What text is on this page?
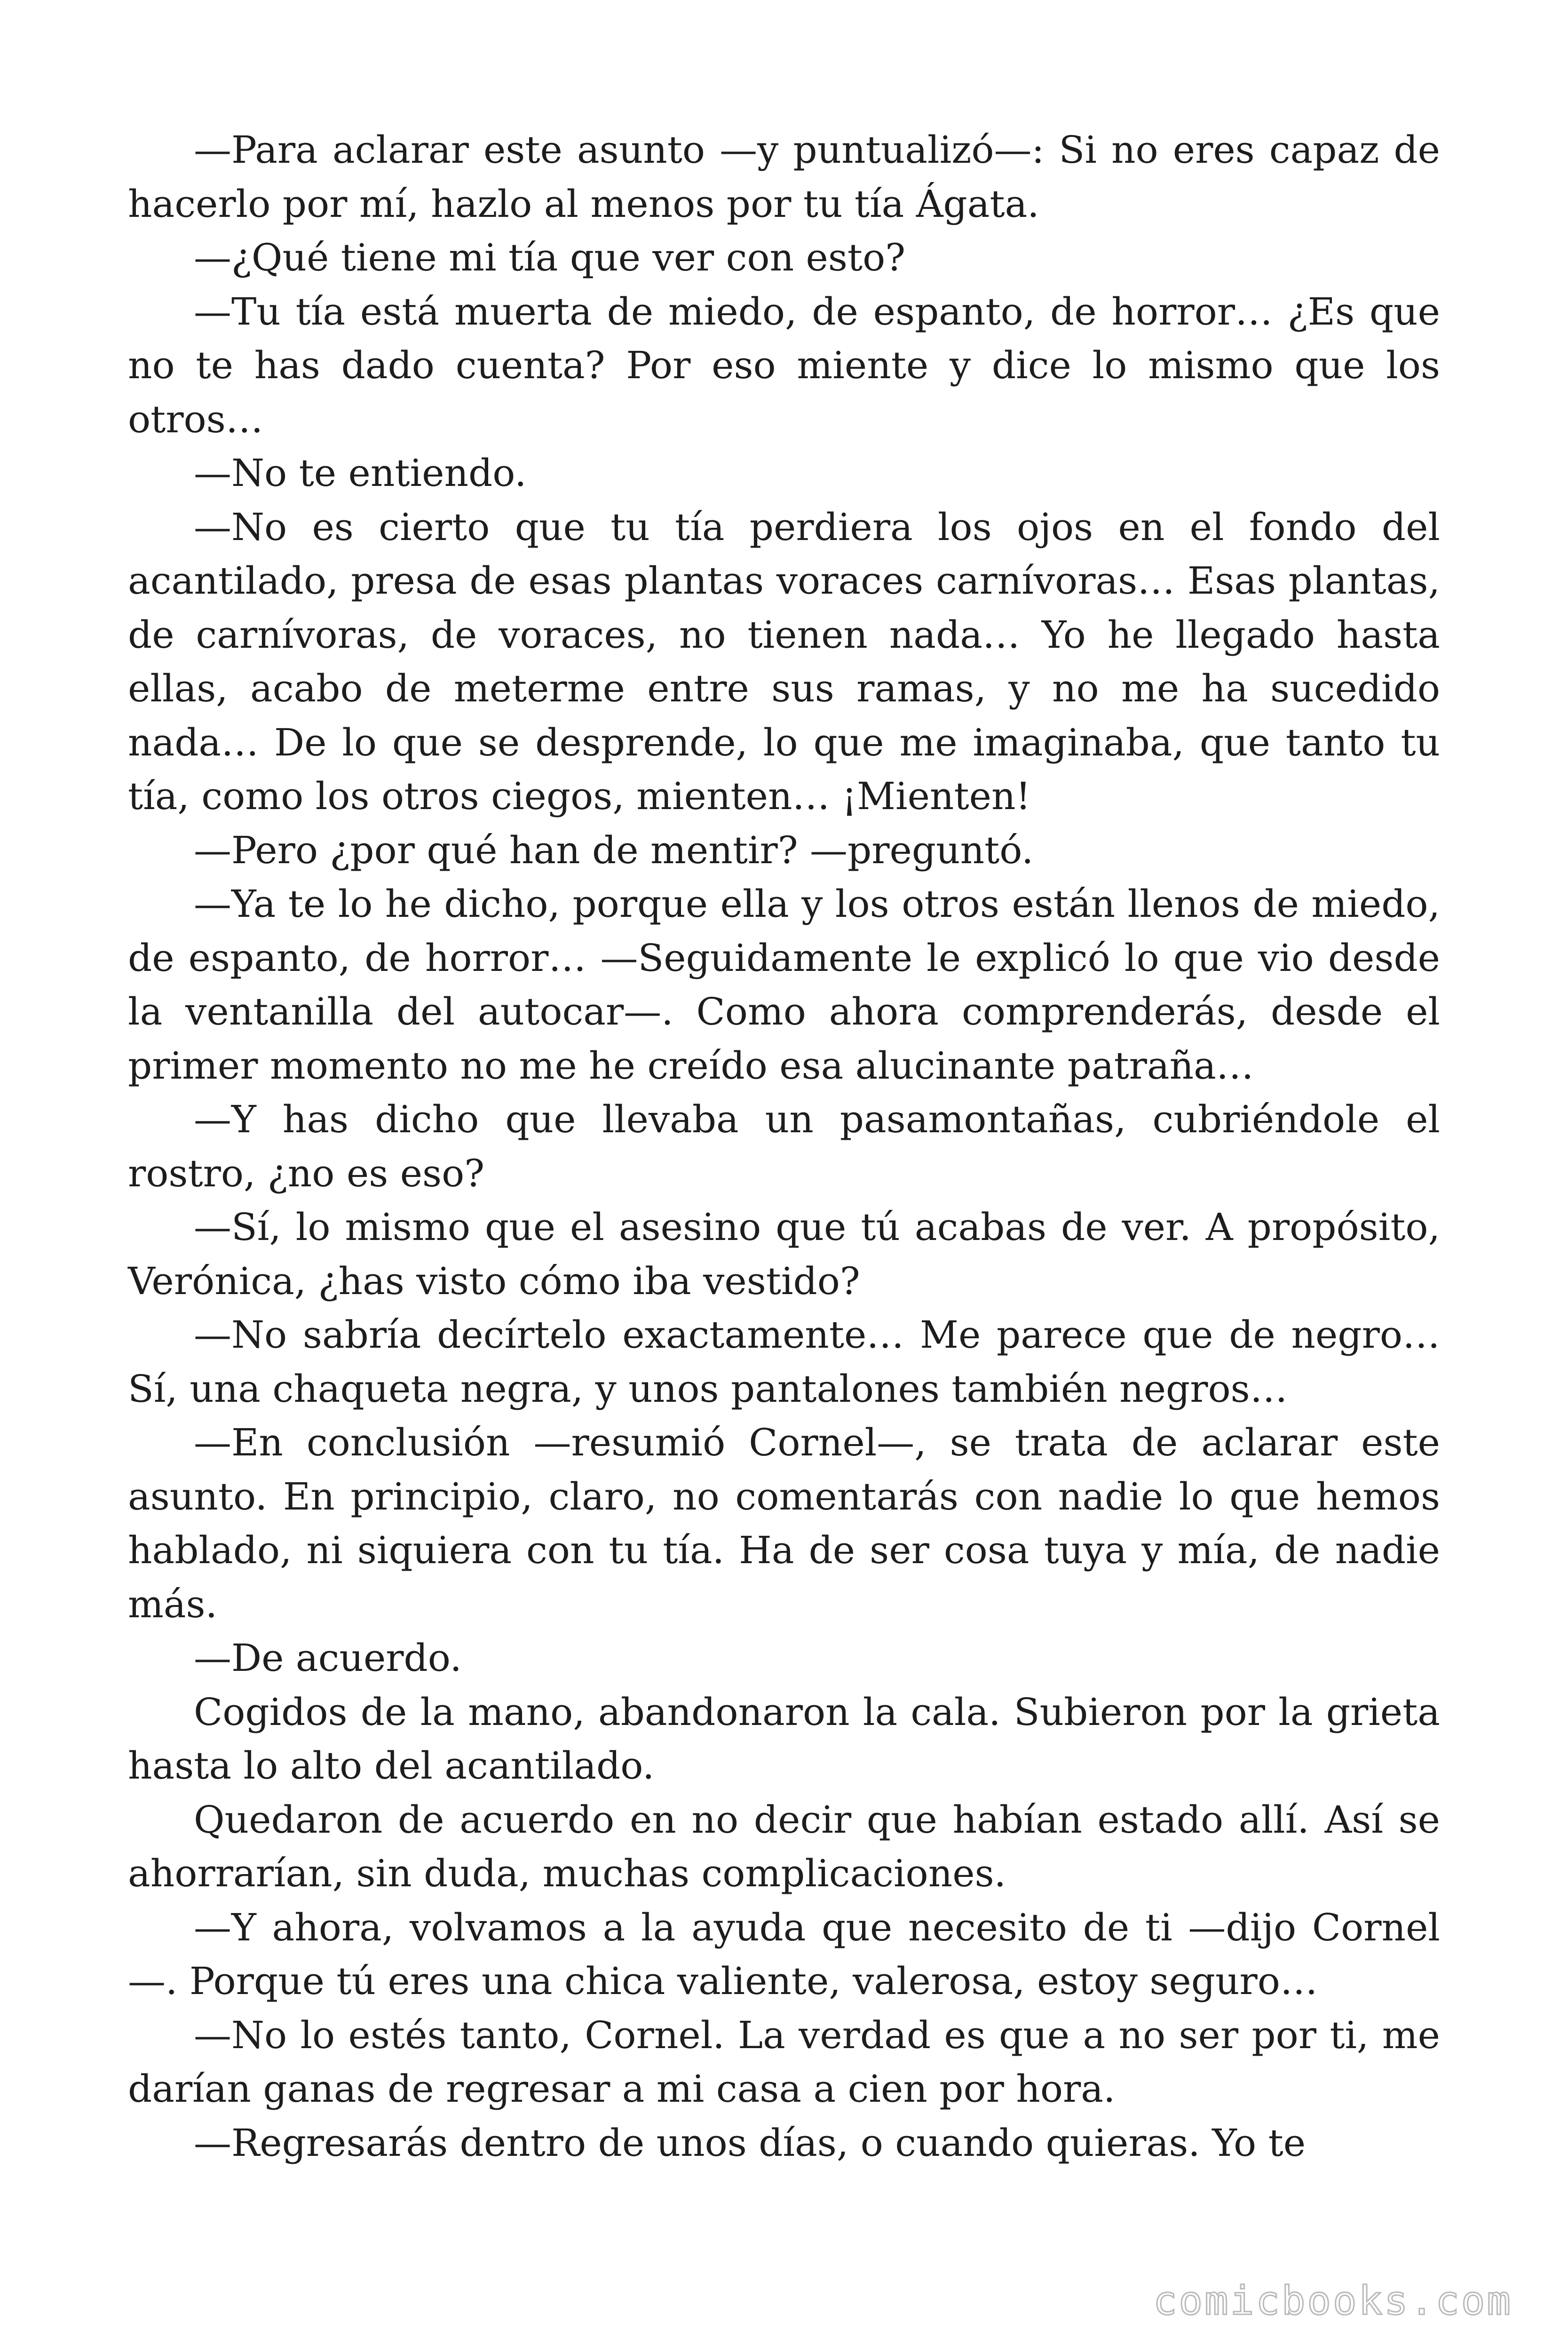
—Para aclarar este asunto —y puntualizó—: Si no eres capaz de hacerlo por mí, hazlo al menos por tu tía Ágata.

—¿Qué tiene mi tía que ver con esto?

—Tu tía está muerta de miedo, de espanto, de horror… ¿Es que no te has dado cuenta? Por eso miente y dice lo mismo que los otros…

—No te entiendo.

—No es cierto que tu tía perdiera los ojos en el fondo del acantilado, presa de esas plantas voraces carnívoras… Esas plantas, de carnívoras, de voraces, no tienen nada… Yo he llegado hasta ellas, acabo de meterme entre sus ramas, y no me ha sucedido nada… De lo que se desprende, lo que me imaginaba, que tanto tu tía, como los otros ciegos, mienten… ¡Mienten!

—Pero ¿por qué han de mentir? —preguntó.

—Ya te lo he dicho, porque ella y los otros están llenos de miedo, de espanto, de horror… —Seguidamente le explicó lo que vio desde la ventanilla del autocar—. Como ahora comprenderás, desde el primer momento no me he creído esa alucinante patraña…

—Y has dicho que llevaba un pasamontañas, cubriéndole el rostro, ¿no es eso?

—Sí, lo mismo que el asesino que tú acabas de ver. A propósito, Verónica, ¿has visto cómo iba vestido?

—No sabría decírtelo exactamente… Me parece que de negro… Sí, una chaqueta negra, y unos pantalones también negros…

—En conclusión —resumió Cornel—, se trata de aclarar este asunto. En principio, claro, no comentarás con nadie lo que hemos hablado, ni siquiera con tu tía. Ha de ser cosa tuya y mía, de nadie más.

—De acuerdo.

Cogidos de la mano, abandonaron la cala. Subieron por la grieta hasta lo alto del acantilado.

Quedaron de acuerdo en no decir que habían estado allí. Así se ahorrarían, sin duda, muchas complicaciones.

—Y ahora, volvamos a la ayuda que necesito de ti —dijo Cornel —. Porque tú eres una chica valiente, valerosa, estoy seguro…

—No lo estés tanto, Cornel. La verdad es que a no ser por ti, me darían ganas de regresar a mi casa a cien por hora.

—Regresarás dentro de unos días, o cuando quieras. Yo te

comicbooks.com
